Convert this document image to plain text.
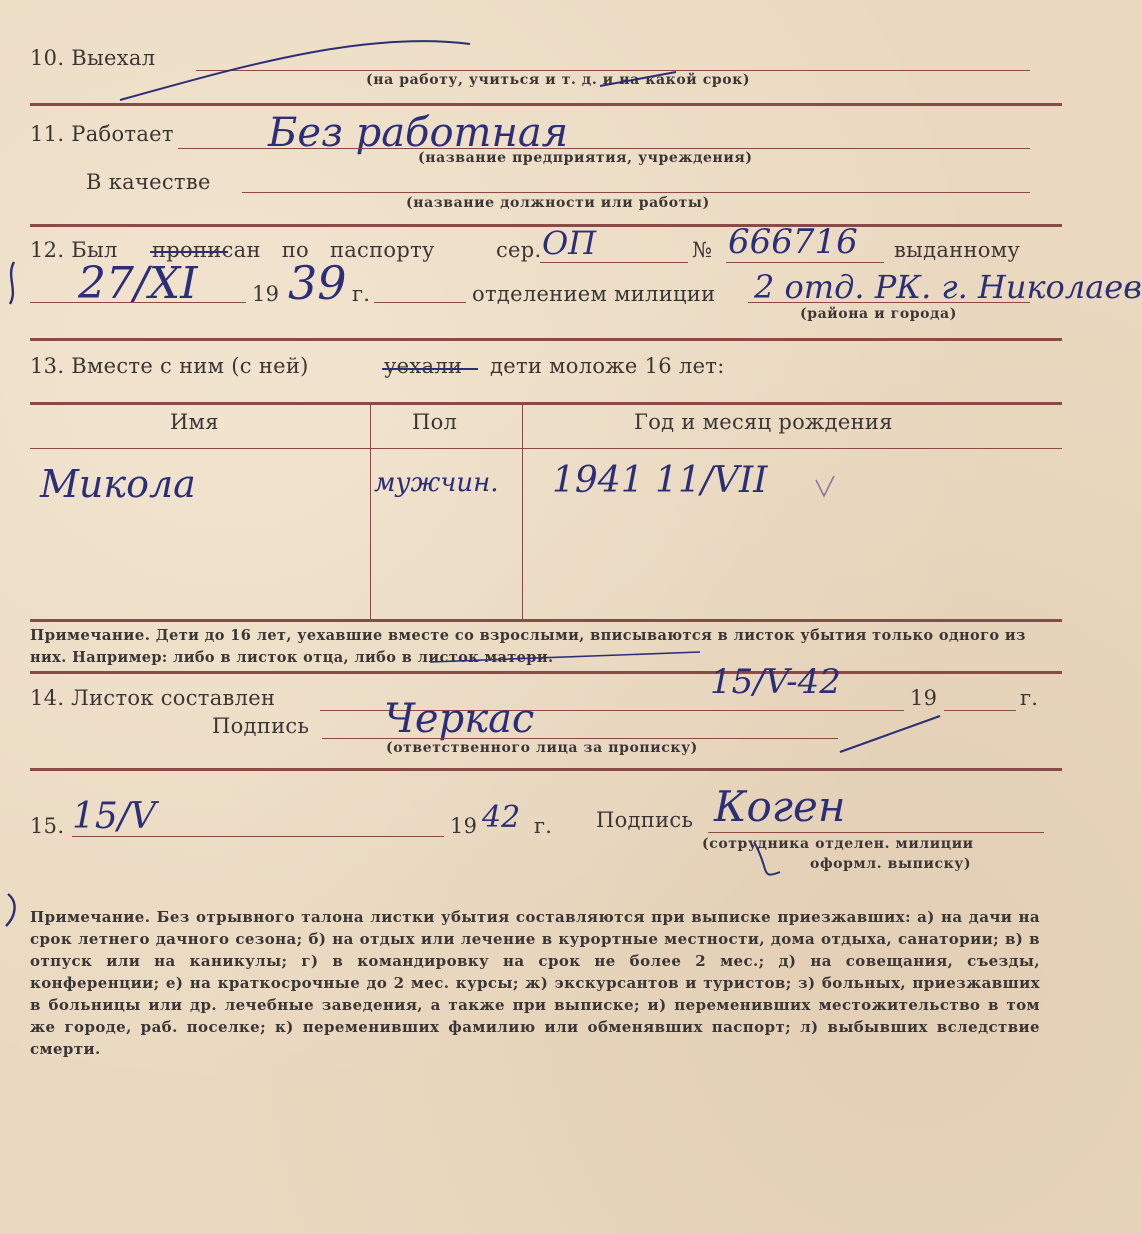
10. Выехал
(на работу, учиться и т. д. и на какой срок)
11. Работает Без работная
(название предприятия, учреждения)
В качестве
(название должности или работы)
12. Был прописан по паспорту	сер. ОП	№ 666716 выданному
27/XI	19 39 г.	отделением милиции 2 отд. РК. г. Николаев
(района и города)
13. Вместе с ним (с ней)	уехали дети моложе 16 лет:
Имя	Пол	Год и месяц рождения
Микола	мужчин. 1941 11/VII
Примечание. Дети до 16 лет, уехавшие вместе со взрослыми, вписываются в листок убытия только одного из них. Например: либо в листок отца, либо в листок матери.
14. Листок составлен	15/V-42	19	г.
Подпись Черкас
(ответственного лица за прописку)
15. 15/V	19 42 г. Подпись Коген
(сотрудника отделен. милиции
оформл. выписку)
Примечание. Без отрывного талона листки убытия составляются при выписке приезжавших: а) на дачи на срок летнего дачного сезона; б) на отдых или лечение в курортные местности, дома отдыха, санатории; в) в отпуск или на каникулы; г) в командировку на срок не более 2 мес.; д) на совещания, съезды, конференции; е) на краткосрочные до 2 мес. курсы; ж) экскурсантов и туристов; з) больных, приезжавших в больницы или др. лечебные заведения, а также при выписке; и) переменивших местожительство в том же городе, раб. поселке; к) переменивших фамилию или обменявших паспорт; л) выбывших вследствие смерти.
